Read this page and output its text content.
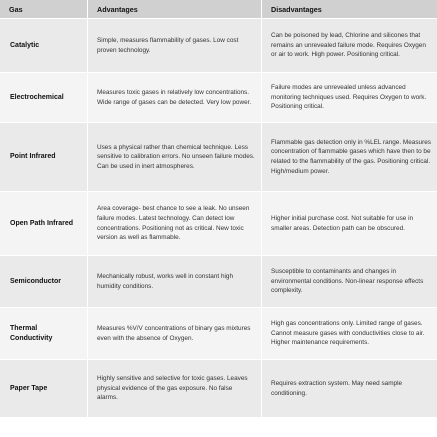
Gas	Advantages	Disadvantages
Catalytic	Simple, measures flammability of gases. Low cost proven technology.	Can be poisoned by lead, Chlorine and silicones that remains an unrevealed failure mode. Requires Oxygen or air to work. High power. Positioning critical.
Electrochemical	Measures toxic gases in relatively low concentrations. Wide range of gases can be detected. Very low power.	Failure modes are unrevealed unless advanced monitoring techniques used. Requires Oxygen to work. Positioning critical.
Point Infrared	Uses a physical rather than chemical technique. Less sensitive to calibration errors. No unseen failure modes. Can be used in inert atmospheres.	Flammable gas detection only in %LEL range. Measures concentration of flammable gases which have then to be related to the flammability of the gas. Positioning critical. High/medium power.
Open Path Infrared	Area coverage- best chance to see a leak. No unseen failure modes. Latest technology. Can detect low concentrations. Positioning not as critical. New toxic version as well as flammable.	Higher initial purchase cost. Not suitable for use in smaller areas. Detection path can be obscured.
Semiconductor	Mechanically robust, works well in constant high humidity conditions.	Susceptible to contaminants and changes in environmental conditions. Non-linear response effects complexity.
Thermal Conductivity	Measures %V/V concentrations of binary gas mixtures even with the absence of Oxygen.	High gas concentrations only. Limited range of gases. Cannot measure gases with conductivities close to air. Higher maintenance requirements.
Paper Tape	Highly sensitive and selective for toxic gases. Leaves physical evidence of the gas exposure. No false alarms.	Requires extraction system. May need sample conditioning.
